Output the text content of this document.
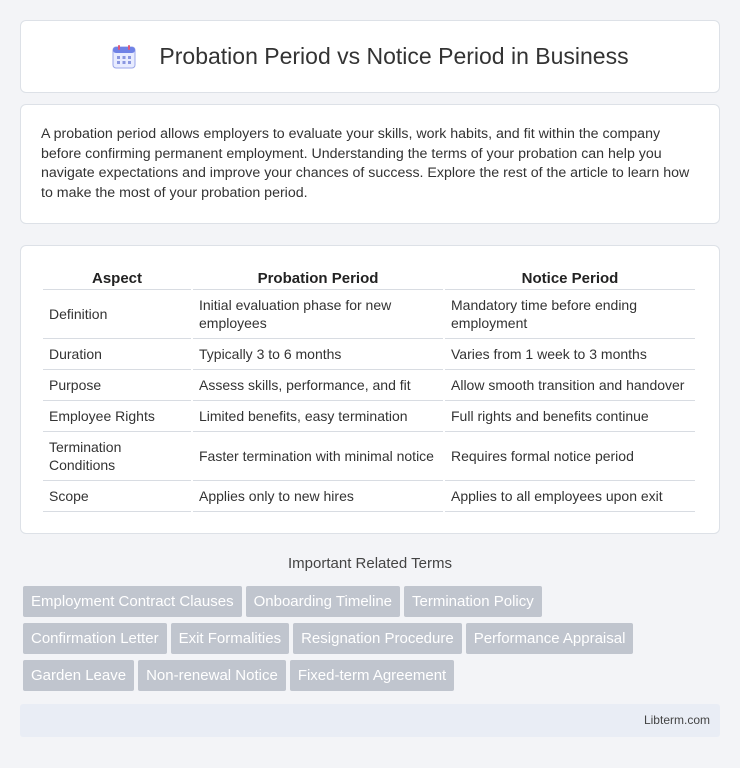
Probation Period vs Notice Period in Business

A probation period allows employers to evaluate your skills, work habits, and fit within the company before confirming permanent employment. Understanding the terms of your probation can help you navigate expectations and improve your chances of success. Explore the rest of the article to learn how to make the most of your probation period.

Aspect	Probation Period	Notice Period
Definition	Initial evaluation phase for new employees	Mandatory time before ending employment
Duration	Typically 3 to 6 months	Varies from 1 week to 3 months
Purpose	Assess skills, performance, and fit	Allow smooth transition and handover
Employee Rights	Limited benefits, easy termination	Full rights and benefits continue
Termination Conditions	Faster termination with minimal notice	Requires formal notice period
Scope	Applies only to new hires	Applies to all employees upon exit
Important Related Terms
Employment Contract Clauses Onboarding Timeline Termination Policy
Confirmation Letter Exit Formalities Resignation Procedure Performance Appraisal
Garden Leave Non-renewal Notice Fixed-term Agreement
Libterm.com
